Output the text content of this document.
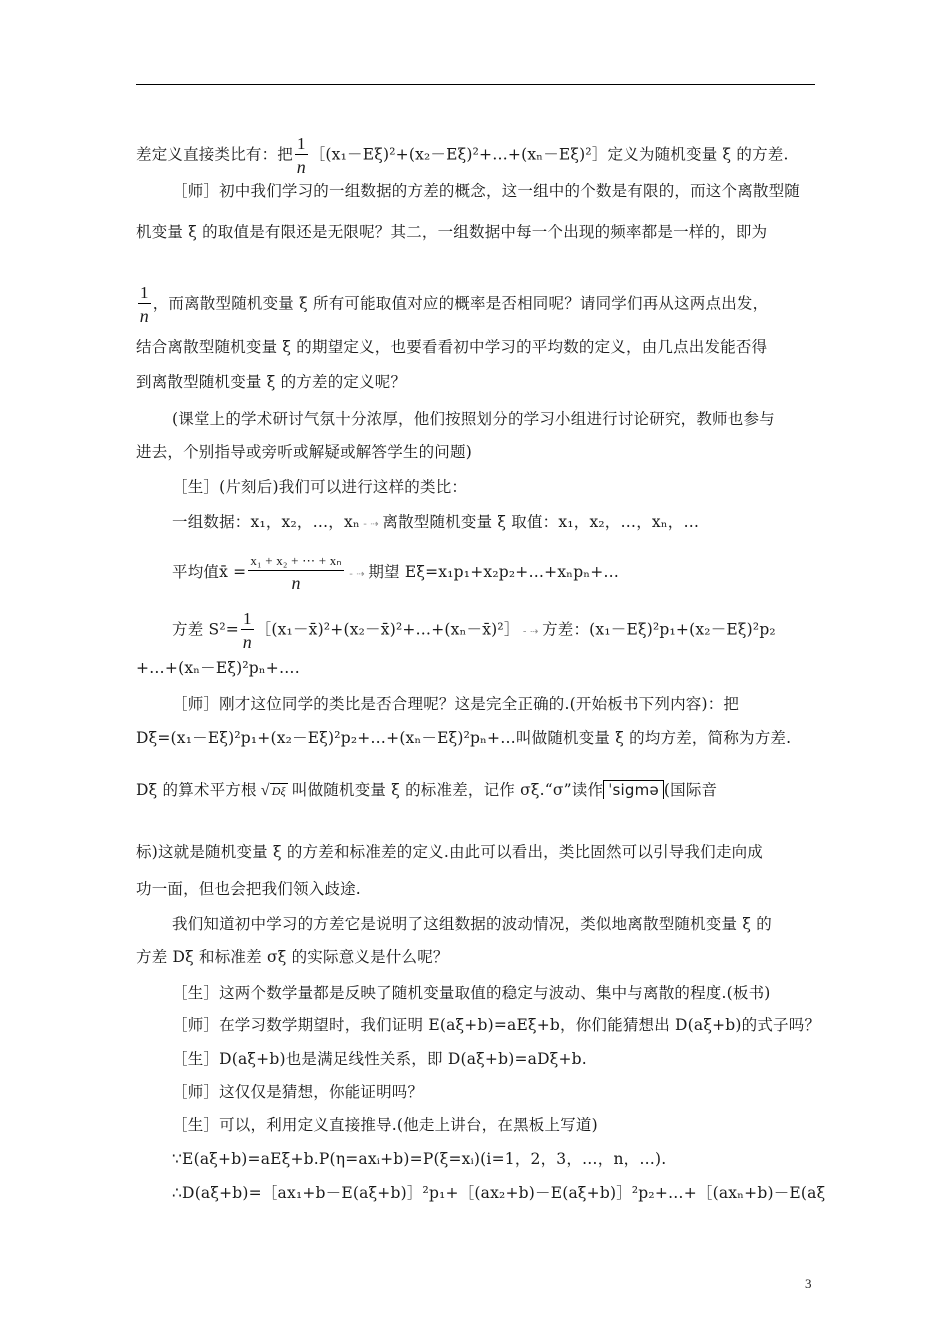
差定义直接类比有：把 $\frac{1}{n}$ ［(x₁－Eξ)²+(x₂－Eξ)²+…+(xₙ－Eξ)²］定义为随机变量 ξ 的方差.
［师］初中我们学习的一组数据的方差的概念，这一组中的个数是有限的，而这个离散型随
机变量 ξ 的取值是有限还是无限呢？其二，一组数据中每一个出现的频率都是一样的，即为
$\frac{1}{n}$ ，而离散型随机变量 ξ 所有可能取值对应的概率是否相同呢？请同学们再从这两点出发，
结合离散型随机变量 ξ 的期望定义，也要看看初中学习的平均数的定义，由几点出发能否得
到离散型随机变量 ξ 的方差的定义呢？
(课堂上的学术研讨气氛十分浓厚，他们按照划分的学习小组进行讨论研究，教师也参与
进去，个别指导或旁听或解疑或解答学生的问题)
［生］(片刻后)我们可以进行这样的类比：
一组数据：x₁，x₂，…，xₙ - ⇢ 离散型随机变量 ξ 取值：x₁，x₂，…，xₙ，…
平均值x̄ = $\frac{\text{x₁ + x₂ + ⋯ + xₙ}}{n}$ - ⇢ 期望 Eξ=x₁p₁+x₂p₂+…+xₙpₙ+…
方差 $S^2= \frac{1}{n}$ ［(x₁－x̄)²+(x₂－x̄)²+…+(xₙ－x̄)²］ - ⇢ 方差：(x₁－Eξ)²p₁+(x₂－Eξ)²p₂
+…+(xₙ－Eξ)²pₙ+….
［师］刚才这位同学的类比是否合理呢？这是完全正确的.(开始板书下列内容)：把
Dξ=(x₁－Eξ)²p₁+(x₂－Eξ)²p₂+…+(xₙ－Eξ)²pₙ+…叫做随机变量 ξ 的均方差，简称为方差.
Dξ 的算术平方根 √ Dξ 叫做随机变量 ξ 的标准差，记作 σξ.“σ”读作 ˈsigmə (国际音
标)这就是随机变量 ξ 的方差和标准差的定义.由此可以看出，类比固然可以引导我们走向成
功一面，但也会把我们领入歧途.
我们知道初中学习的方差它是说明了这组数据的波动情况，类似地离散型随机变量 ξ 的
方差 Dξ 和标准差 σξ 的实际意义是什么呢？
［生］这两个数学量都是反映了随机变量取值的稳定与波动、集中与离散的程度.(板书)
［师］在学习数学期望时，我们证明 E(aξ+b)=aEξ+b，你们能猜想出 D(aξ+b)的式子吗？
［生］D(aξ+b)也是满足线性关系，即 D(aξ+b)=aDξ+b.
［师］这仅仅是猜想，你能证明吗？
［生］可以，利用定义直接推导.(他走上讲台，在黑板上写道)
∵E(aξ+b)=aEξ+b.P(η=axᵢ+b)=P(ξ=xᵢ)(i=1，2，3，…，n，…).
∴D(aξ+b)=［ax₁+b－E(aξ+b)］²p₁+［(ax₂+b)－E(aξ+b)］²p₂+…+［(axₙ+b)－E(aξ
3
